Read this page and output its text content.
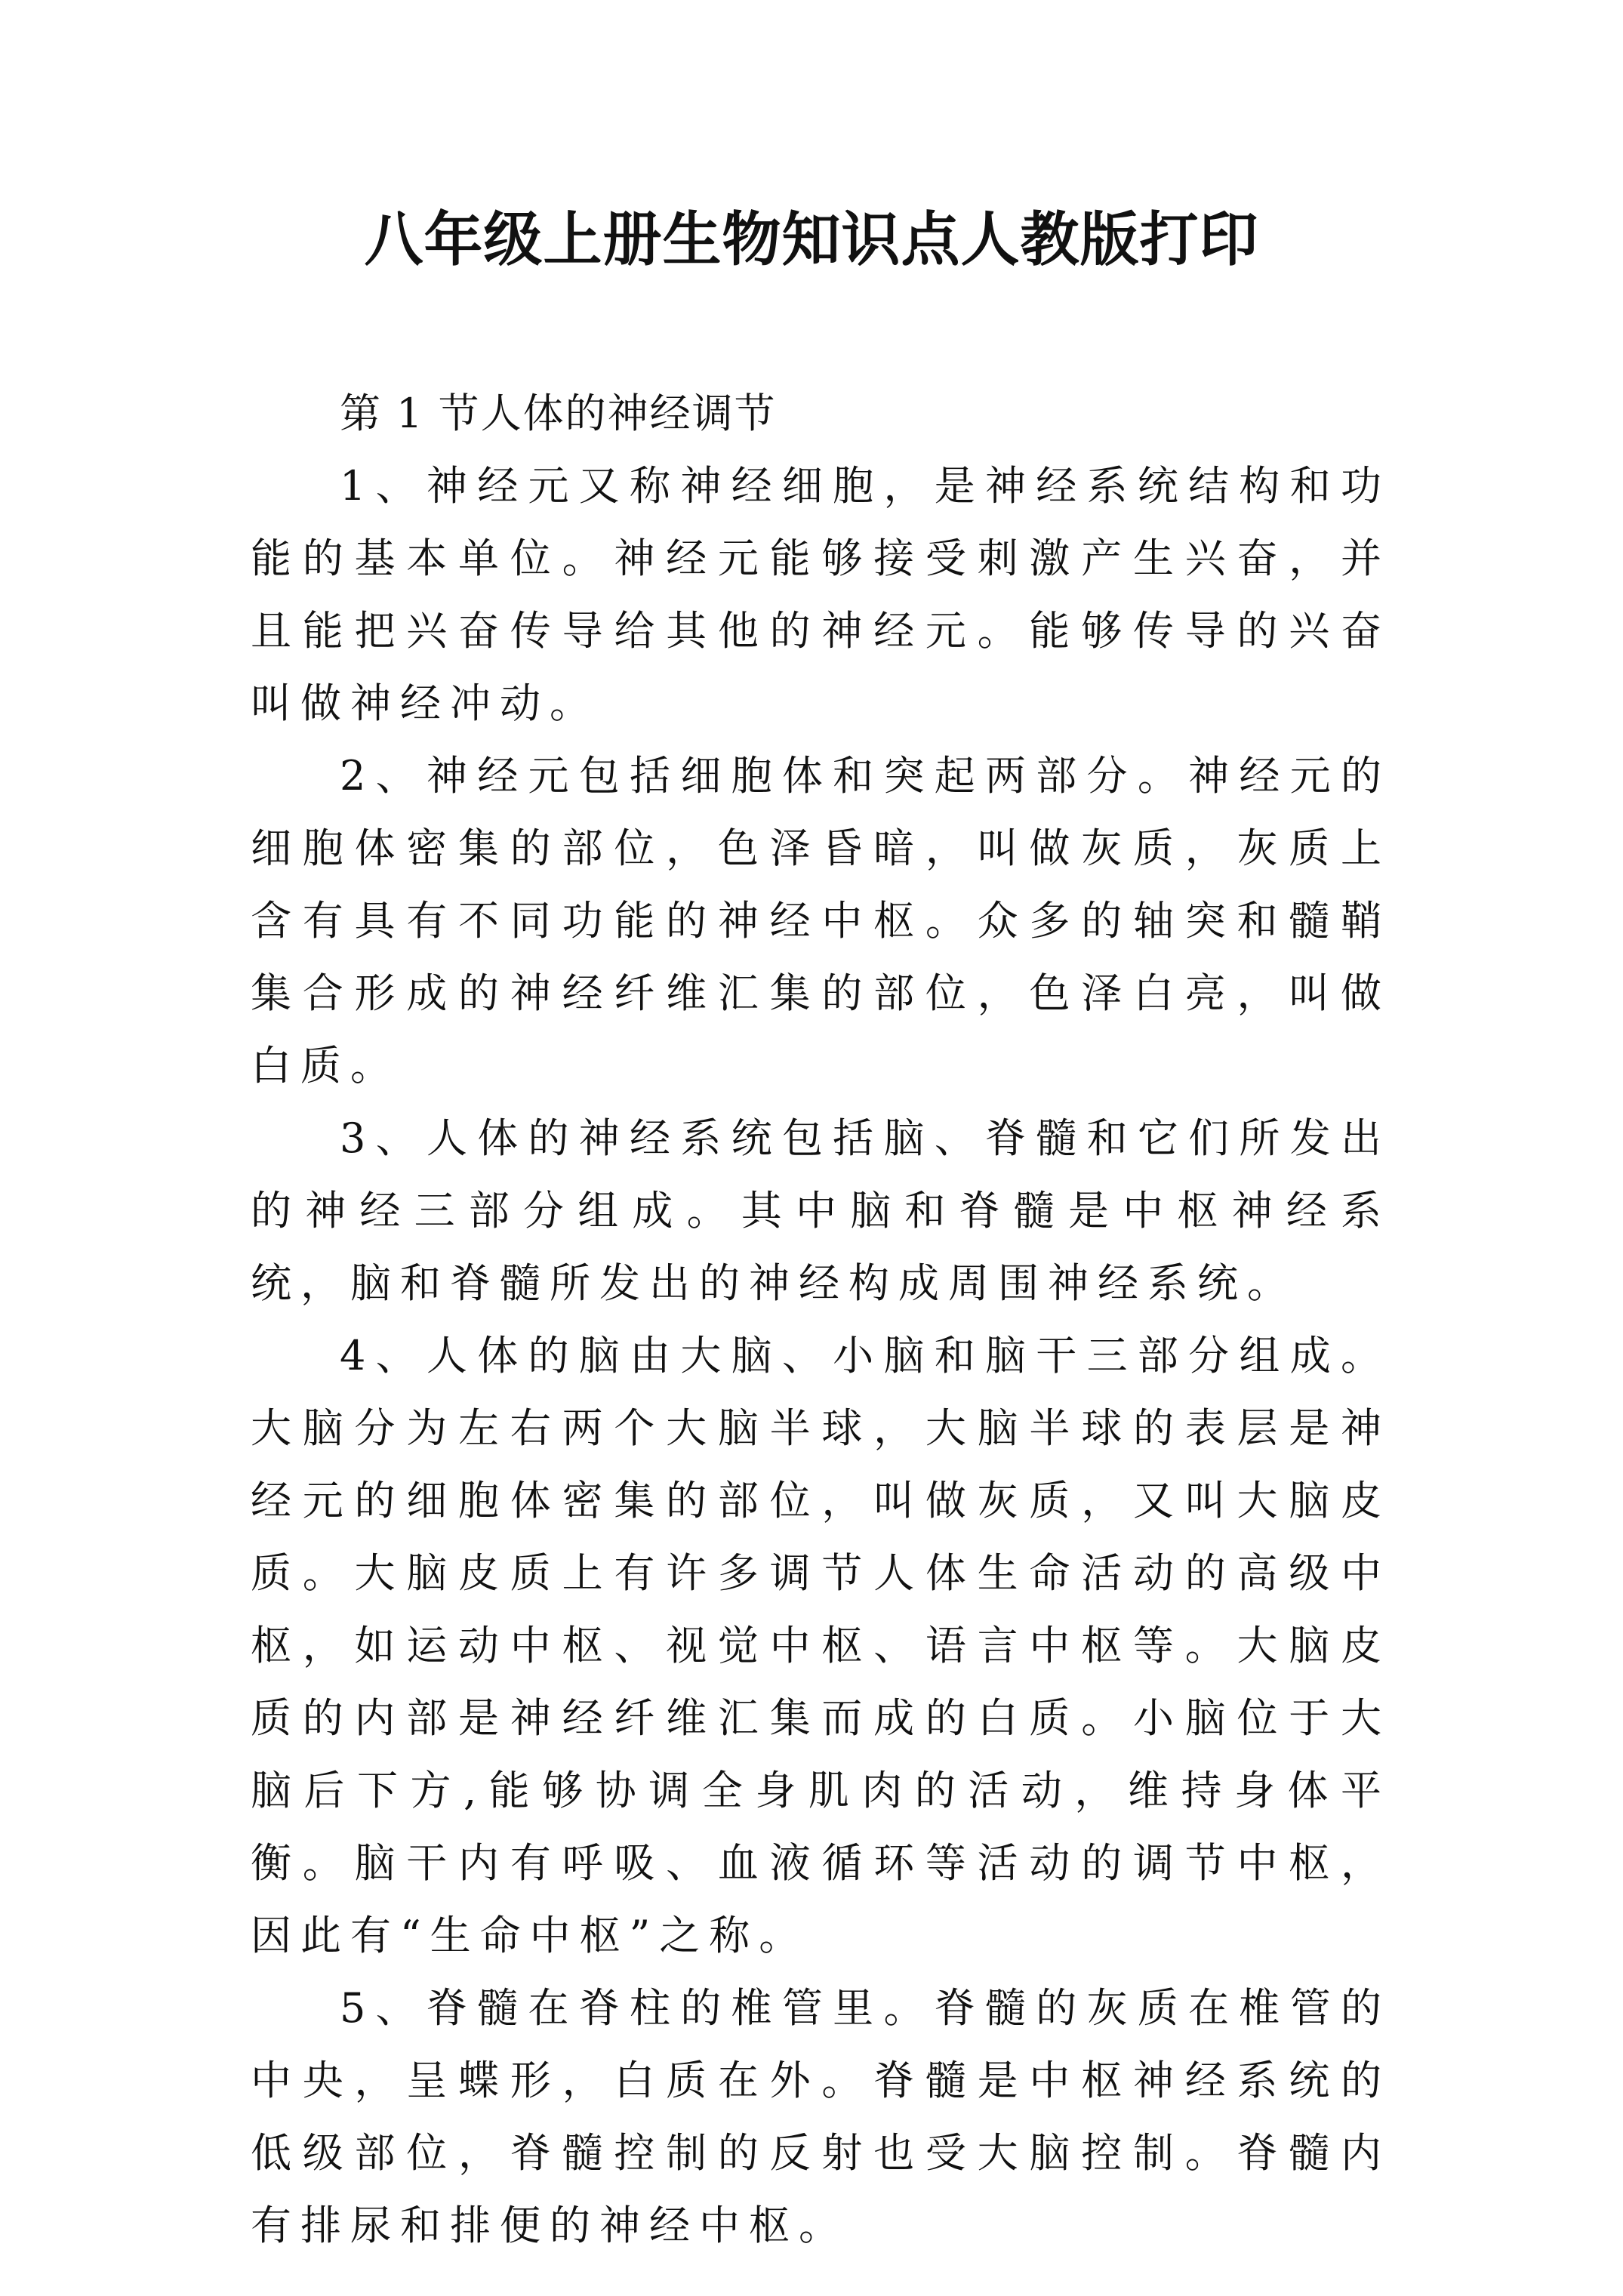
八年级上册生物知识点人教版打印

第 1 节人体的神经调节

1、神经元又称神经细胞，是神经系统结构和功能的基本单位。神经元能够接受刺激产生兴奋，并且能把兴奋传导给其他的神经元。能够传导的兴奋叫做神经冲动。

2、神经元包括细胞体和突起两部分。神经元的细胞体密集的部位，色泽昏暗，叫做灰质，灰质上含有具有不同功能的神经中枢。众多的轴突和髓鞘集合形成的神经纤维汇集的部位，色泽白亮，叫做白质。

3、人体的神经系统包括脑、脊髓和它们所发出的神经三部分组成。其中脑和脊髓是中枢神经系统，脑和脊髓所发出的神经构成周围神经系统。

4、人体的脑由大脑、小脑和脑干三部分组成。大脑分为左右两个大脑半球，大脑半球的表层是神经元的细胞体密集的部位，叫做灰质，又叫大脑皮质。大脑皮质上有许多调节人体生命活动的高级中枢，如运动中枢、视觉中枢、语言中枢等。大脑皮质的内部是神经纤维汇集而成的白质。小脑位于大脑后下方,能够协调全身肌肉的活动，维持身体平衡。脑干内有呼吸、血液循环等活动的调节中枢，因此有“生命中枢”之称。

5、脊髓在脊柱的椎管里。脊髓的灰质在椎管的中央，呈蝶形，白质在外。脊髓是中枢神经系统的低级部位，脊髓控制的反射也受大脑控制。脊髓内有排尿和排便的神经中枢。
